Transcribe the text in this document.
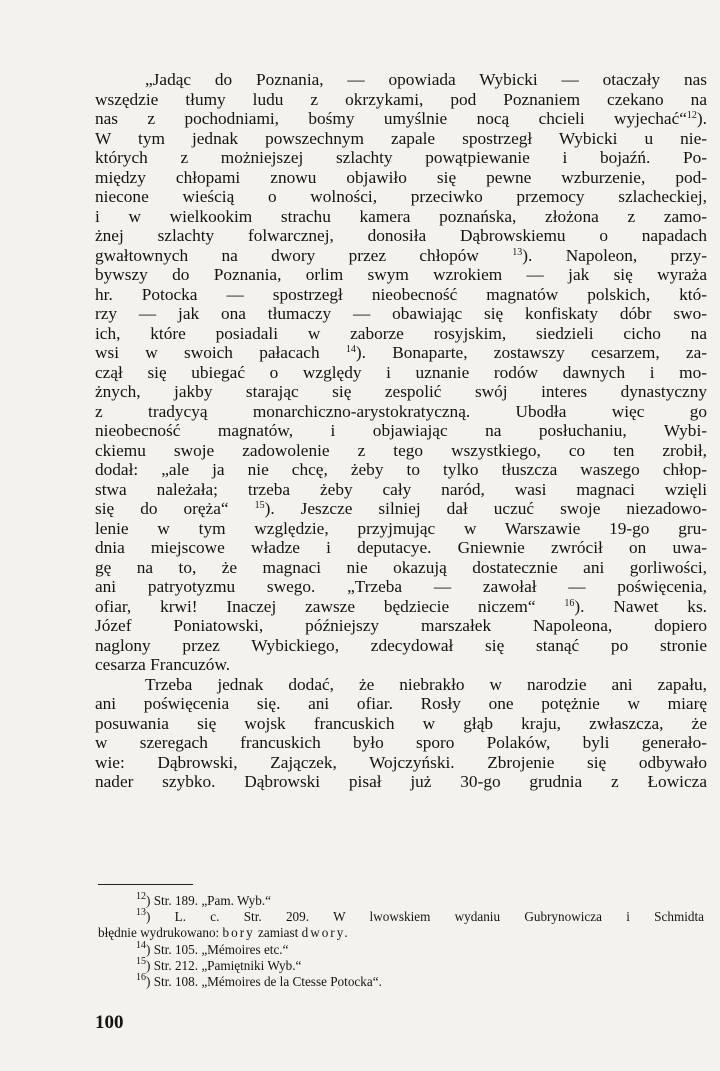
„Jadąc do Poznania, — opowiada Wybicki — otaczały nas
wszędzie tłumy ludu z okrzykami, pod Poznaniem czekano na
nas z pochodniami, bośmy umyślnie nocą chcieli wyjechać“$^{12}$).
W tym jednak powszechnym zapale spostrzegł Wybicki u nie-
których z możniejszej szlachty powątpiewanie i bojaźń. Po-
między chłopami znowu objawiło się pewne wzburzenie, pod-
niecone wieścią o wolności, przeciwko przemocy szlacheckiej,
i w wielkookim strachu kamera poznańska, złożona z zamo-
żnej szlachty folwarcznej, donosiła Dąbrowskiemu o napadach
gwałtownych na dwory przez chłopów	$^{13}$). Napoleon, przy-
bywszy do Poznania, orlim swym wzrokiem — jak się wyraża
hr. Potocka — spostrzegł nieobecność magnatów polskich, któ-
rzy — jak ona tłumaczy — obawiając się konfiskaty dóbr swo-
ich, które posiadali w zaborze rosyjskim, siedzieli cicho na
wsi w swoich pałacach	$^{14}$). Bonaparte, zostawszy cesarzem, za-
czął się ubiegać o względy i uznanie rodów dawnych i mo-
żnych, jakby starając się zespolić swój interes dynastyczny
z tradycyą monarchiczno-arystokratyczną. Ubodła więc go
nieobecność magnatów, i objawiając na posłuchaniu, Wybi-
ckiemu swoje zadowolenie z tego wszystkiego, co ten zrobił,
dodał: „ale ja nie chcę, żeby to tylko tłuszcza waszego chłop-
stwa należała; trzeba żeby cały naród, wasi magnaci wzięli
się do oręża“	$^{15}$). Jeszcze silniej dał uczuć swoje niezadowo-
lenie w tym względzie, przyjmując w Warszawie 19-go gru-
dnia miejscowe władze i deputacye. Gniewnie zwrócił on uwa-
gę na to, że magnaci nie okazują dostatecznie ani gorliwości,
ani patryotyzmu swego. „Trzeba — zawołał — poświęcenia,
ofiar, krwi! Inaczej zawsze będziecie niczem“	$^{16}$). Nawet ks.
Józef Poniatowski, późniejszy marszałek Napoleona, dopiero
naglony przez Wybickiego, zdecydował się stanąć po stronie
cesarza Francuzów.
Trzeba jednak dodać, że niebrakło w narodzie ani zapału,
ani poświęcenia się. ani ofiar. Rosły one potężnie w miarę
posuwania się wojsk francuskich w głąb kraju, zwłaszcza, że
w szeregach francuskich było sporo Polaków, byli generało-
wie: Dąbrowski, Zajączek, Wojczyński. Zbrojenie się odbywało
nader szybko. Dąbrowski pisał już 30-go grudnia z Łowicza
$^{12}$) Str. 189. „Pam. Wyb.“
$^{13}$) L. c. Str. 209. W lwowskiem wydaniu Gubrynowicza i Schmidta
błędnie wydrukowano: bory zamiast dwory.
$^{14}$) Str. 105. „Mémoires etc.“
$^{15}$) Str. 212. „Pamiętniki Wyb.“
$^{16}$) Str. 108. „Mémoires de la Ctesse Potocka“.
100
